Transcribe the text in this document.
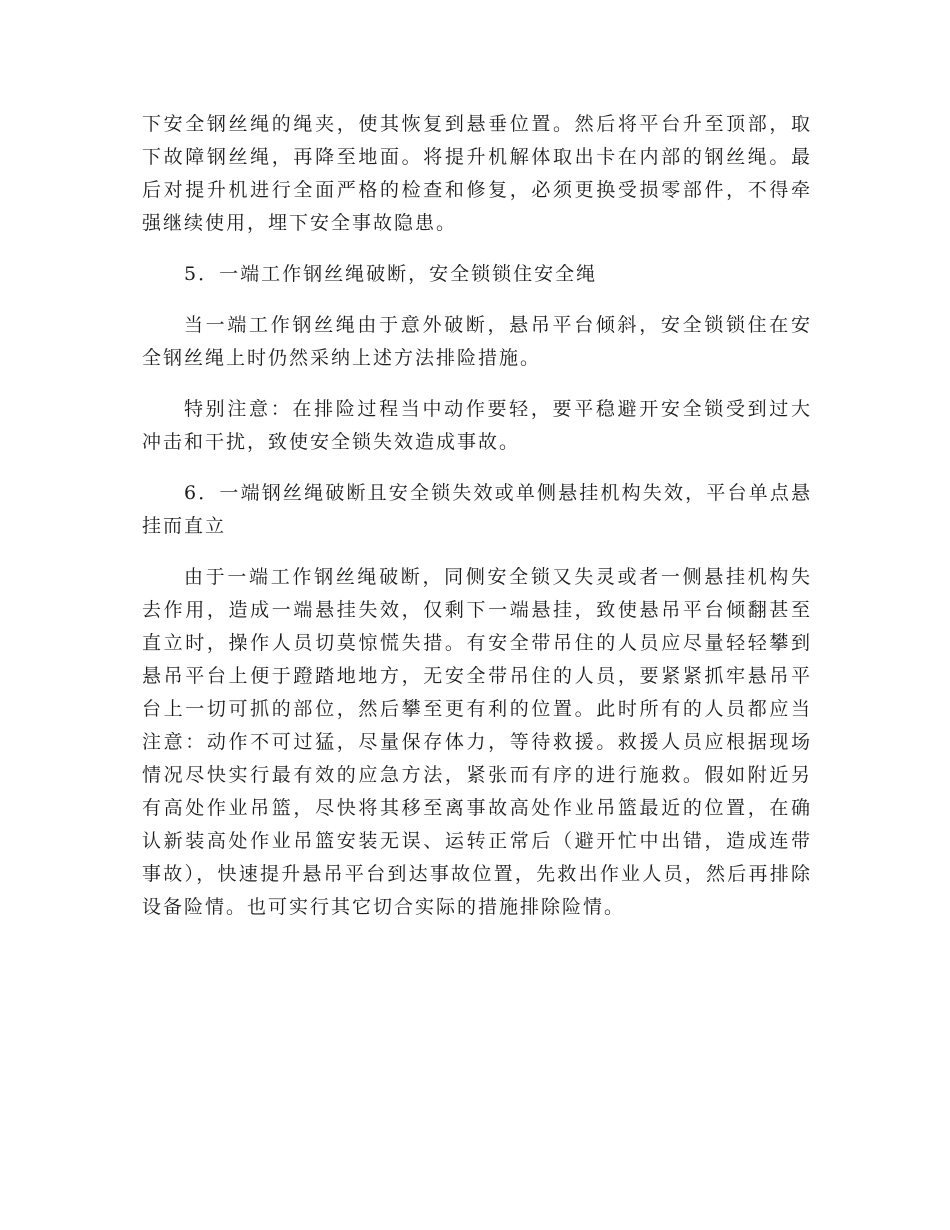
下安全钢丝绳的绳夹，使其恢复到悬垂位置。然后将平台升至顶部，取下故障钢丝绳，再降至地面。将提升机解体取出卡在内部的钢丝绳。最后对提升机进行全面严格的检查和修复，必须更换受损零部件，不得牵强继续使用，埋下安全事故隐患。

5．一端工作钢丝绳破断，安全锁锁住安全绳

当一端工作钢丝绳由于意外破断，悬吊平台倾斜，安全锁锁住在安全钢丝绳上时仍然采纳上述方法排险措施。

特别注意：在排险过程当中动作要轻，要平稳避开安全锁受到过大冲击和干扰，致使安全锁失效造成事故。

6．一端钢丝绳破断且安全锁失效或单侧悬挂机构失效，平台单点悬挂而直立

由于一端工作钢丝绳破断，同侧安全锁又失灵或者一侧悬挂机构失去作用，造成一端悬挂失效，仅剩下一端悬挂，致使悬吊平台倾翻甚至直立时，操作人员切莫惊慌失措。有安全带吊住的人员应尽量轻轻攀到悬吊平台上便于蹬踏地地方，无安全带吊住的人员，要紧紧抓牢悬吊平台上一切可抓的部位，然后攀至更有利的位置。此时所有的人员都应当注意：动作不可过猛，尽量保存体力，等待救援。救援人员应根据现场情况尽快实行最有效的应急方法，紧张而有序的进行施救。假如附近另有高处作业吊篮，尽快将其移至离事故高处作业吊篮最近的位置，在确认新装高处作业吊篮安装无误、运转正常后（避开忙中出错，造成连带事故），快速提升悬吊平台到达事故位置，先救出作业人员，然后再排除设备险情。也可实行其它切合实际的措施排除险情。
